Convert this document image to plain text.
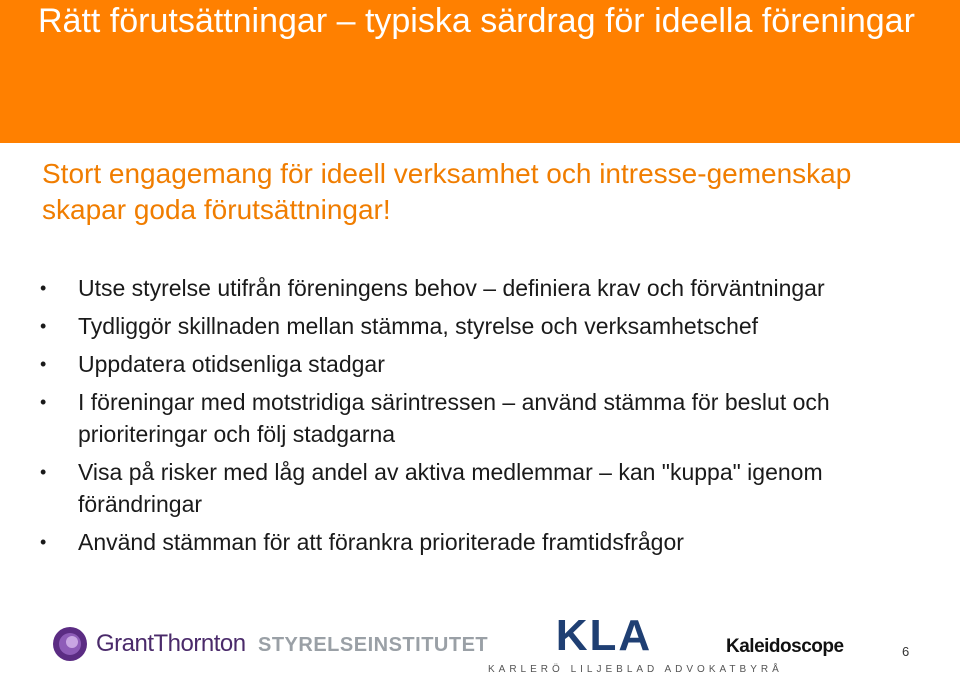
Rätt förutsättningar – typiska särdrag för ideella föreningar

Stort engagemang för ideell verksamhet och intresse-gemenskap skapar goda förutsättningar!

• Utse styrelse utifrån föreningens behov – definiera krav och förväntningar
• Tydliggör skillnaden mellan stämma, styrelse och verksamhetschef
• Uppdatera otidsenliga stadgar
• I föreningar med motstridiga särintressen – använd stämma för beslut och prioriteringar och följ stadgarna
• Visa på risker med låg andel av aktiva medlemmar – kan "kuppa" igenom förändringar
• Använd stämman för att förankra prioriterade framtidsfrågor
GrantThornton STYRELSEINSTITUTET	KLA
KARLERÖ LILJEBLAD ADVOKATBYRÅ
Kaleidoscope	6
